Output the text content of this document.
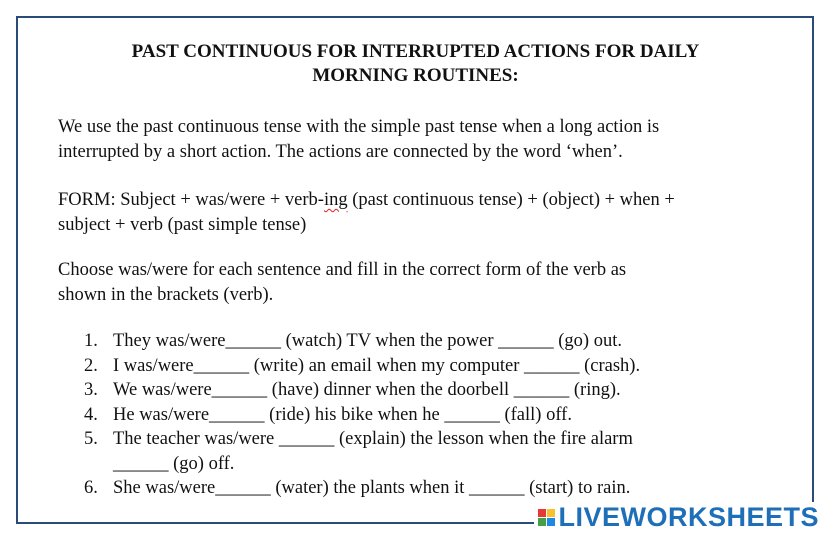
PAST CONTINUOUS FOR INTERRUPTED ACTIONS FOR DAILY
MORNING ROUTINES:
We use the past continuous tense with the simple past tense when a long action is
interrupted by a short action. The actions are connected by the word ‘when’.
FORM: Subject + was/were + verb-ing (past continuous tense) + (object) + when +
subject + verb (past simple tense)
Choose was/were for each sentence and fill in the correct form of the verb as
shown in the brackets (verb).
1. They was/were______ (watch) TV when the power ______ (go) out.
2. I was/were______ (write) an email when my computer ______ (crash).
3. We was/were______ (have) dinner when the doorbell ______ (ring).
4. He was/were______ (ride) his bike when he ______ (fall) off.
5. The teacher was/were ______ (explain) the lesson when the fire alarm
______ (go) off.
6. She was/were______ (water) the plants when it ______ (start) to rain.
LIVEWORKSHEETS
